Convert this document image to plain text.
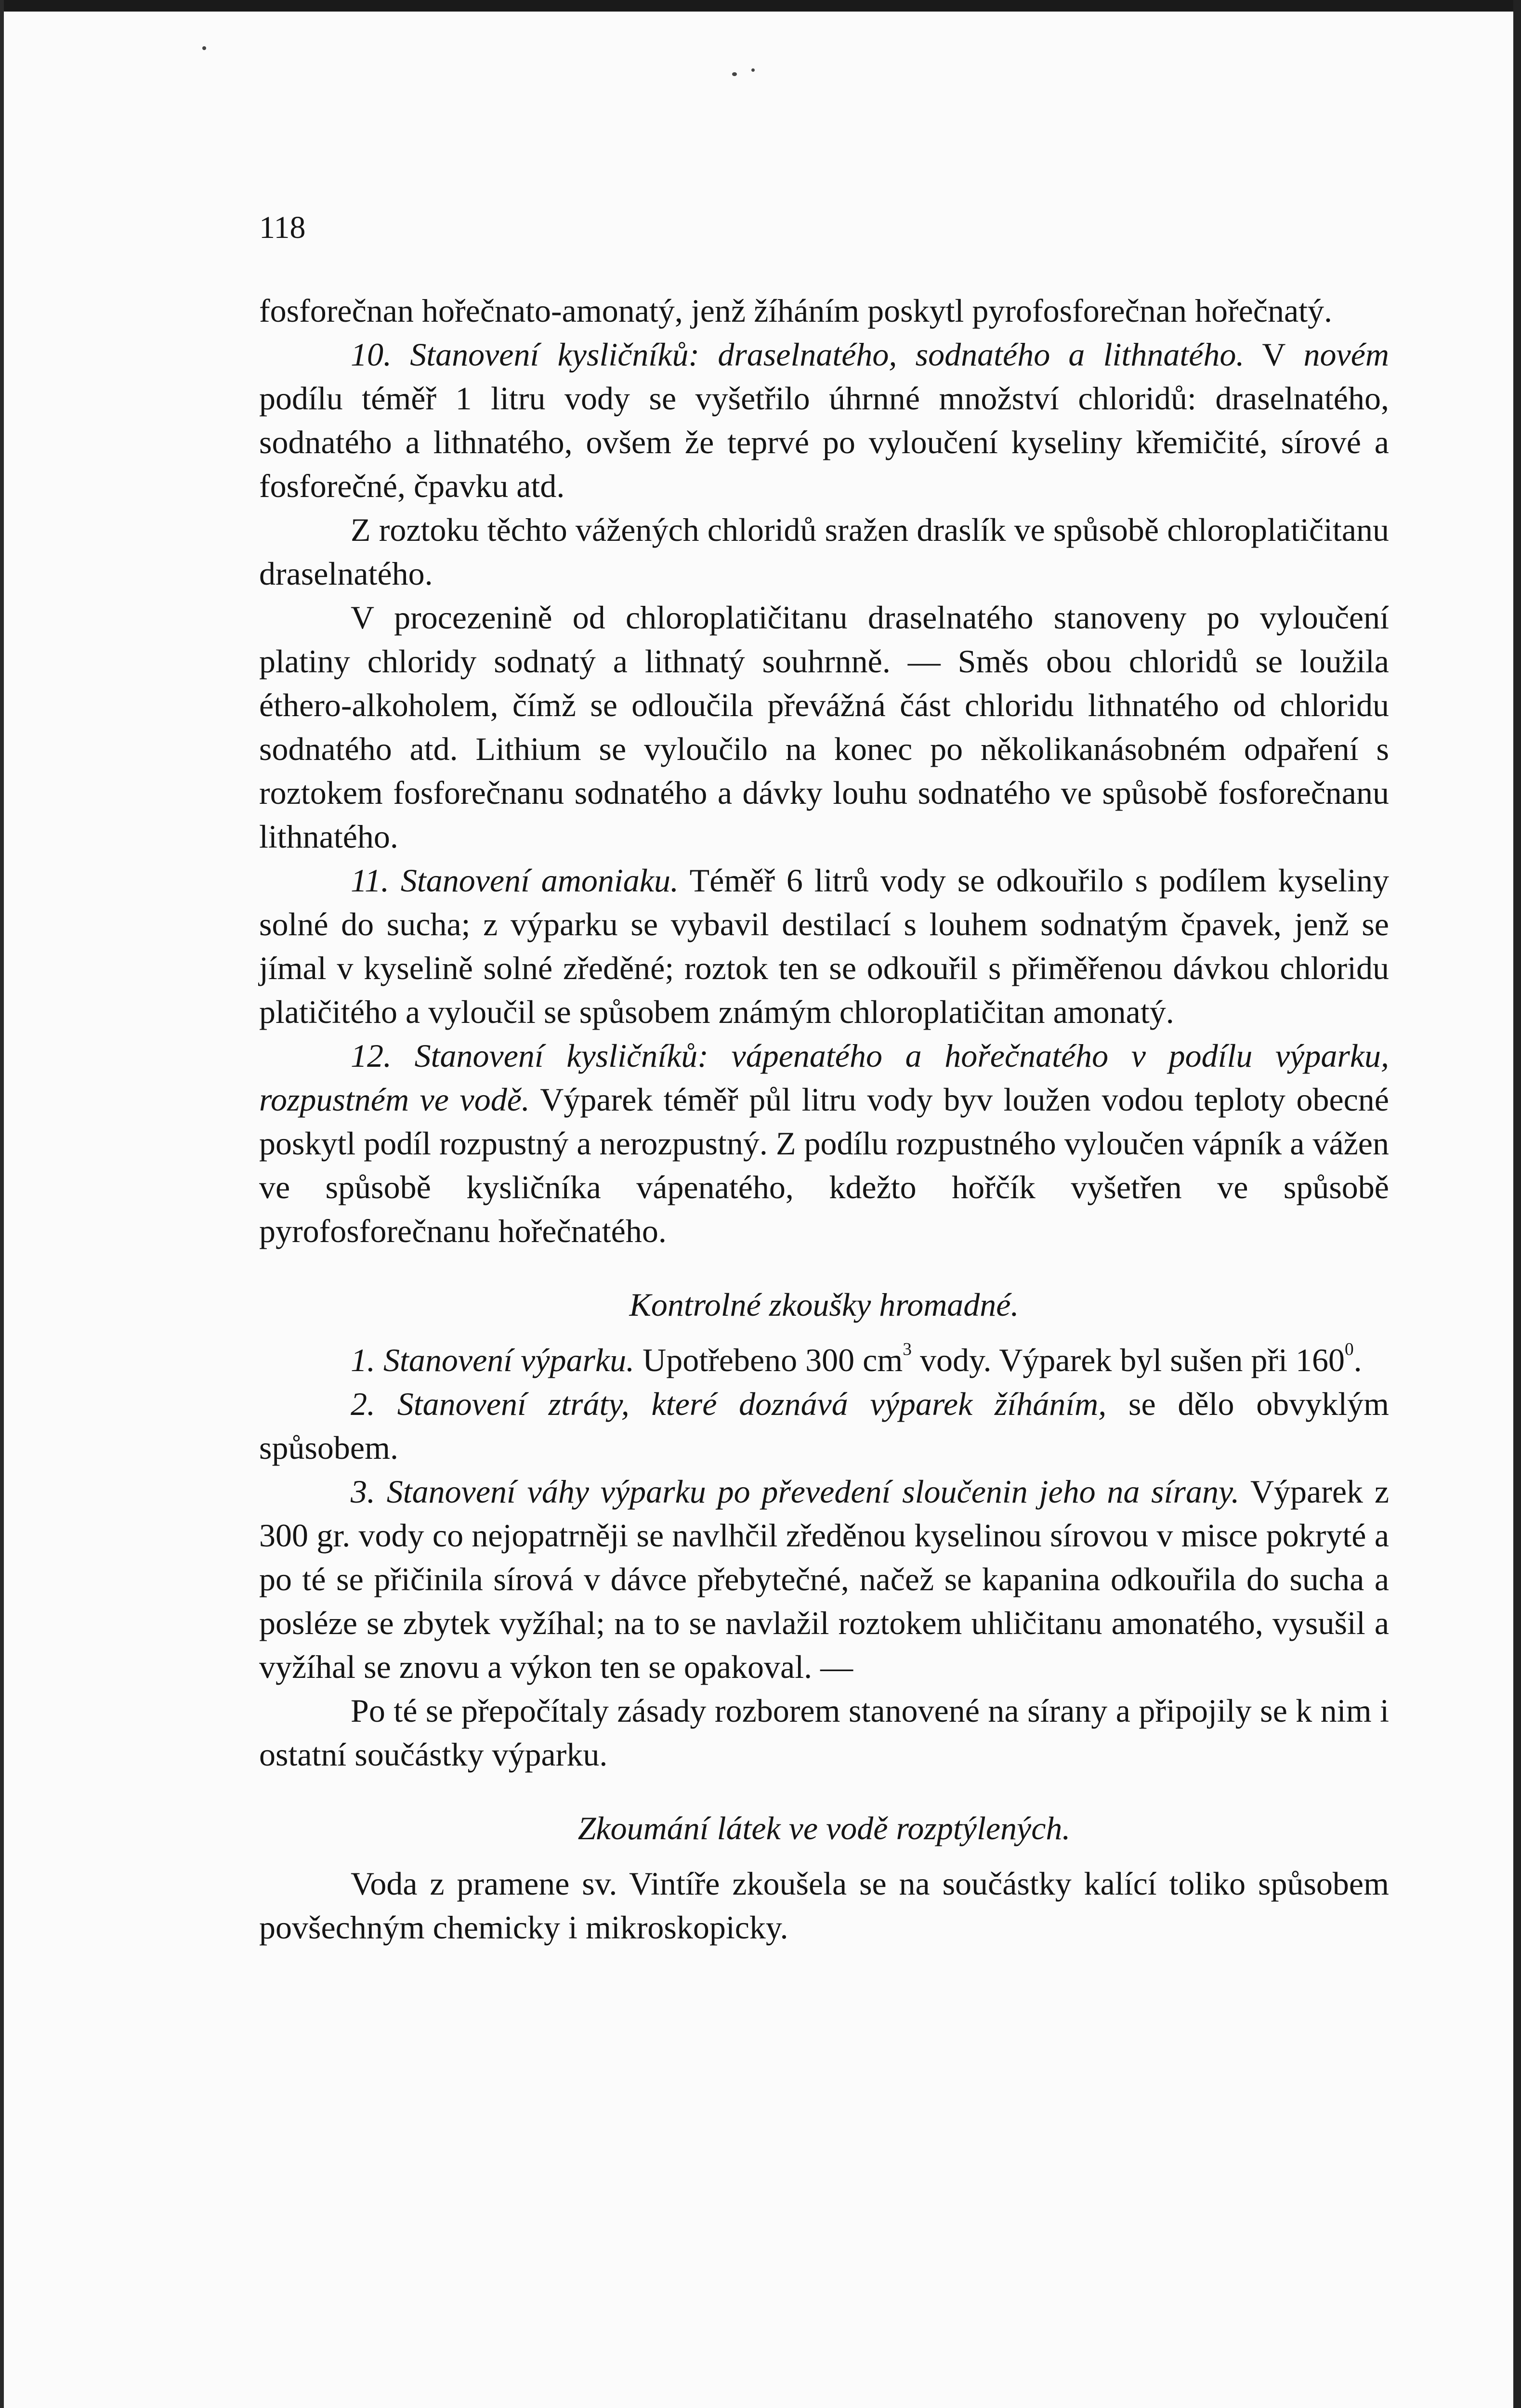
118

fosforečnan hořečnato-amonatý, jenž žíháním poskytl pyrofosforečnan hořečnatý.

10. Stanovení kysličníků: draselnatého, sodnatého a lithnatého. V novém podílu téměř 1 litru vody se vyšetřilo úhrnné množství chloridů: draselnatého, sodnatého a lithnatého, ovšem že teprvé po vyloučení kyseliny křemičité, sírové a fosforečné, čpavku atd.

Z roztoku těchto vážených chloridů sražen draslík ve spůsobě chloroplatičitanu draselnatého.

V procezenině od chloroplatičitanu draselnatého stanoveny po vyloučení platiny chloridy sodnatý a lithnatý souhrnně. — Směs obou chloridů se loužila éthero-alkoholem, čímž se odloučila převážná část chloridu lithnatého od chloridu sodnatého atd. Lithium se vyloučilo na konec po několikanásobném odpaření s roztokem fosforečnanu sodnatého a dávky louhu sodnatého ve spůsobě fosforečnanu lithnatého.

11. Stanovení amoniaku. Téměř 6 litrů vody se odkouřilo s podílem kyseliny solné do sucha; z výparku se vybavil destilací s louhem sodnatým čpavek, jenž se jímal v kyselině solné zředěné; roztok ten se odkouřil s přiměřenou dávkou chloridu platičitého a vyloučil se spůsobem známým chloroplatičitan amonatý.

12. Stanovení kysličníků: vápenatého a hořečnatého v podílu výparku, rozpustném ve vodě. Výparek téměř půl litru vody byv loužen vodou teploty obecné poskytl podíl rozpustný a nerozpustný. Z podílu rozpustného vyloučen vápník a vážen ve spůsobě kysličníka vápenatého, kdežto hořčík vyšetřen ve spůsobě pyrofosforečnanu hořečnatého.

Kontrolné zkoušky hromadné.

1. Stanovení výparku. Upotřebeno 300 $cm^3$ vody. Výparek byl sušen při $160^0$.

2. Stanovení ztráty, které doznává výparek žíháním, se dělo obvyklým spůsobem.

3. Stanovení váhy výparku po převedení sloučenin jeho na sírany. Výparek z 300 gr. vody co nejopatrněji se navlhčil zředěnou kyselinou sírovou v misce pokryté a po té se přičinila sírová v dávce přebytečné, načež se kapanina odkouřila do sucha a posléze se zbytek vyžíhal; na to se navlažil roztokem uhličitanu amonatého, vysušil a vyžíhal se znovu a výkon ten se opakoval. —

Po té se přepočítaly zásady rozborem stanovené na sírany a připojily se k nim i ostatní součástky výparku.

Zkoumání látek ve vodě rozptýlených.

Voda z pramene sv. Vintíře zkoušela se na součástky kalící toliko spůsobem povšechným chemicky i mikroskopicky.
